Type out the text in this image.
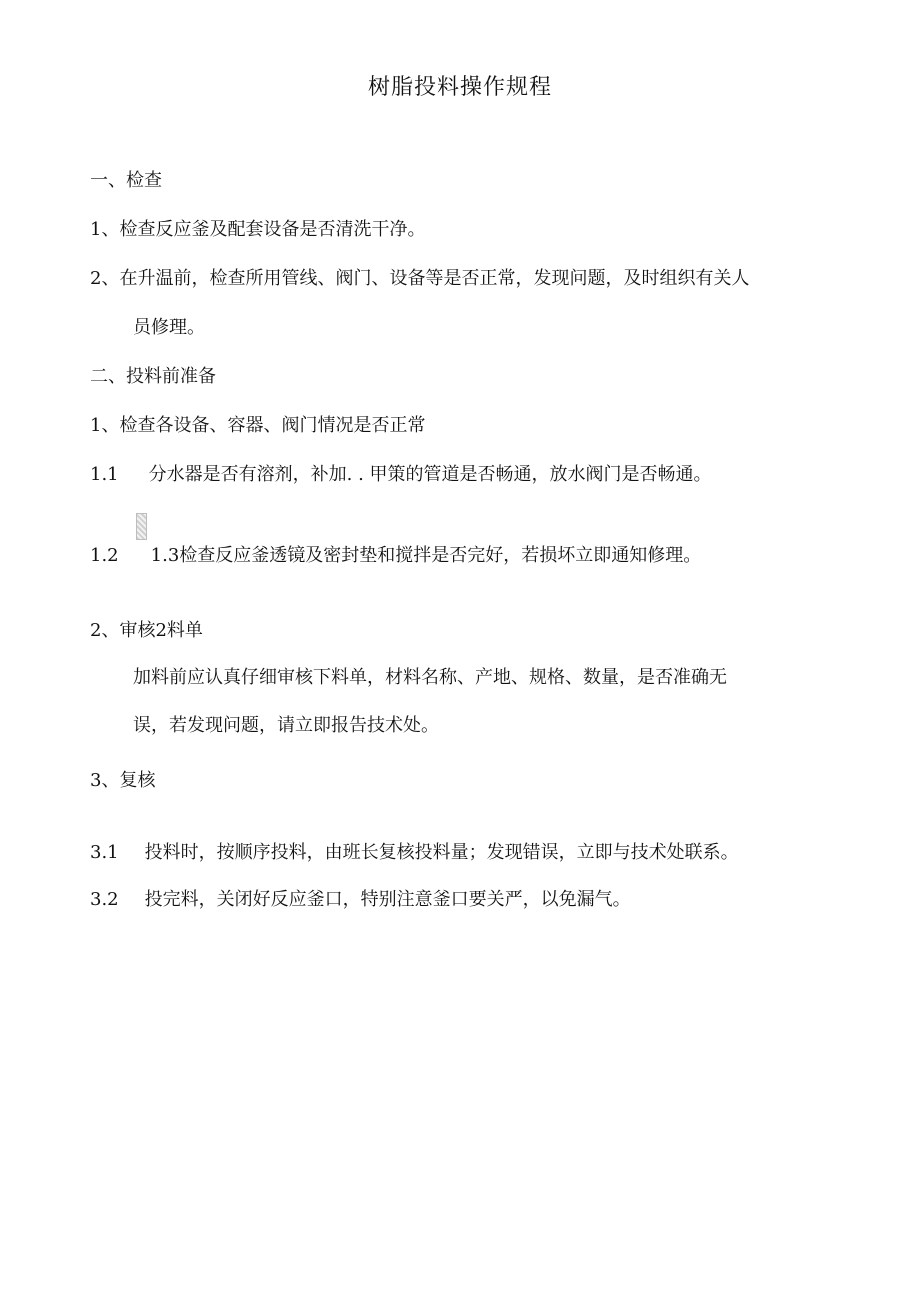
树脂投料操作规程
一、检查
1、检查反应釜及配套设备是否清洗干净。
2、在升温前，检查所用管线、阀门、设备等是否正常，发现问题，及时组织有关人
员修理。
二、投料前准备
1、检查各设备、容器、阀门情况是否正常
1.1 分水器是否有溶剂，补加. . 甲策的管道是否畅通，放水阀门是否畅通。
1.2 1.3检查反应釜透镜及密封垫和搅拌是否完好，若损坏立即通知修理。
2、审核2料单
加料前应认真仔细审核下料单，材料名称、产地、规格、数量，是否准确无
误，若发现问题，请立即报告技术处。
3、复核
3.1 投料时，按顺序投料，由班长复核投料量；发现错误，立即与技术处联系。
3.2 投完料，关闭好反应釜口，特别注意釜口要关严，以免漏气。
